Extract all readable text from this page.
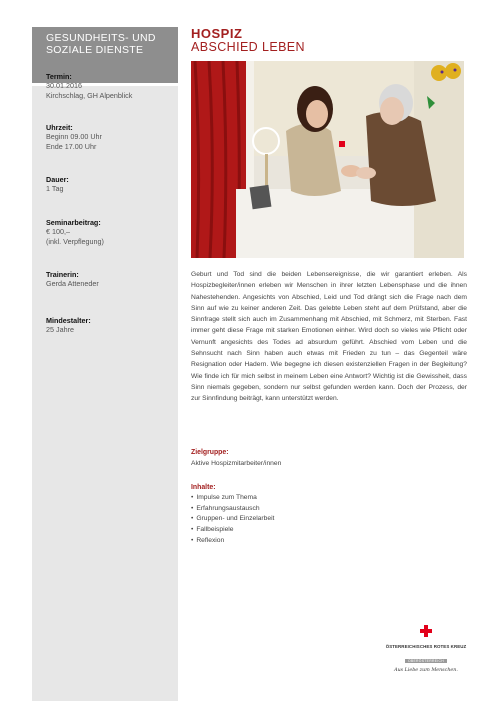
GESUNDHEITS- UND SOZIALE DIENSTE
Termin:
30.01.2016
Kirchschlag, GH Alpenblick
Uhrzeit:
Beginn 09.00 Uhr
Ende 17.00 Uhr
Dauer:
1 Tag
Seminarbeitrag:
€ 100,–
(inkl. Verpflegung)
Trainerin:
Gerda Atteneder
Mindestalter:
25 Jahre
HOSPIZ
ABSCHIED LEBEN
Geburt und Tod sind die beiden Lebensereignisse, die wir garantiert erleben. Als Hospizbegleiter/innen erleben wir Menschen in ihrer letzten Lebensphase und die ihnen Nahestehenden. Angesichts von Abschied, Leid und Tod drängt sich die Frage nach dem Sinn auf wie zu keiner anderen Zeit. Das gelebte Leben steht auf dem Prüfstand, aber die Sinnfrage stellt sich auch im Zusammenhang mit Abschied, mit Schmerz, mit Sterben. Fast immer geht diese Frage mit starken Emotionen einher. Wird doch so vieles wie Pflicht oder Vernunft angesichts des Todes ad absurdum geführt. Abschied vom Leben und die Sehnsucht nach Sinn haben auch etwas mit Frieden zu tun – das Gegenteil wäre Resignation oder Hadern. Wie begegne ich diesen existenziellen Fragen in der Begleitung? Wie finde ich für mich selbst in meinem Leben eine Antwort? Wichtig ist die Gewissheit, dass Sinn niemals gegeben, sondern nur selbst gefunden werden kann. Doch der Prozess, der zur Sinnfindung beiträgt, kann unterstützt werden.
Zielgruppe:
Aktive Hospizmitarbeiter/innen
Inhalte:
• Impulse zum Thema
• Erfahrungsaustausch
• Gruppen- und Einzelarbeit
• Fallbeispiele
• Reflexion
ÖSTERREICHISCHES ROTES KREUZ
OBERÖSTERREICH
Aus Liebe zum Menschen.
